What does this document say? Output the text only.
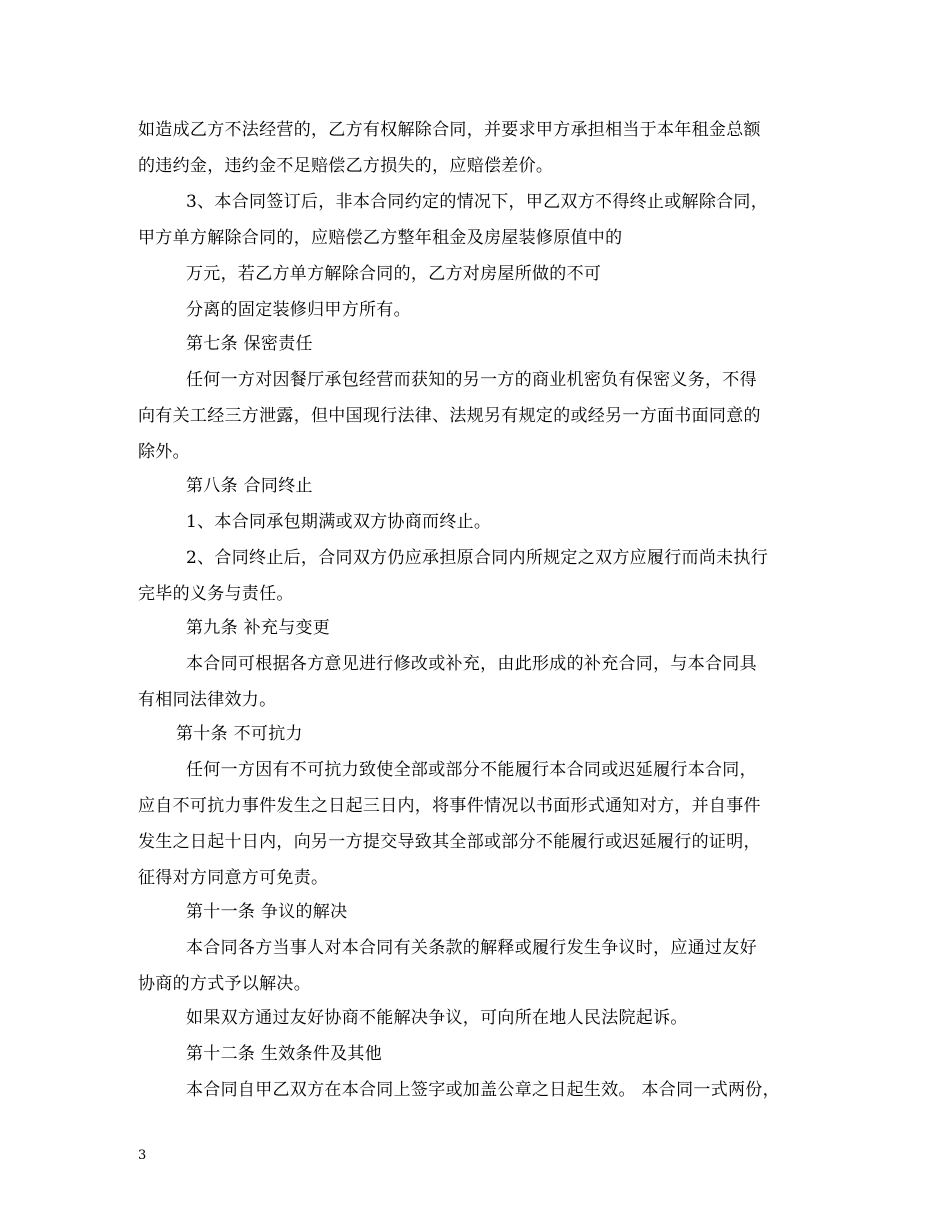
如造成乙方不法经营的，乙方有权解除合同，并要求甲方承担相当于本年租金总额
的违约金，违约金不足赔偿乙方损失的，应赔偿差价。
3、本合同签订后，非本合同约定的情况下，甲乙双方不得终止或解除合同，
甲方单方解除合同的，应赔偿乙方整年租金及房屋装修原值中的
万元，若乙方单方解除合同的，乙方对房屋所做的不可
分离的固定装修归甲方所有。
第七条 保密责任
任何一方对因餐厅承包经营而获知的另一方的商业机密负有保密义务，不得
向有关工经三方泄露，但中国现行法律、法规另有规定的或经另一方面书面同意的
除外。
第八条 合同终止
1、本合同承包期满或双方协商而终止。
2、合同终止后，合同双方仍应承担原合同内所规定之双方应履行而尚未执行
完毕的义务与责任。
第九条 补充与变更
本合同可根据各方意见进行修改或补充，由此形成的补充合同，与本合同具
有相同法律效力。
第十条 不可抗力
任何一方因有不可抗力致使全部或部分不能履行本合同或迟延履行本合同，
应自不可抗力事件发生之日起三日内，将事件情况以书面形式通知对方，并自事件
发生之日起十日内，向另一方提交导致其全部或部分不能履行或迟延履行的证明，
征得对方同意方可免责。
第十一条 争议的解决
本合同各方当事人对本合同有关条款的解释或履行发生争议时，应通过友好
协商的方式予以解决。
如果双方通过友好协商不能解决争议，可向所在地人民法院起诉。
第十二条 生效条件及其他
本合同自甲乙双方在本合同上签字或加盖公章之日起生效。 本合同一式两份，
3
